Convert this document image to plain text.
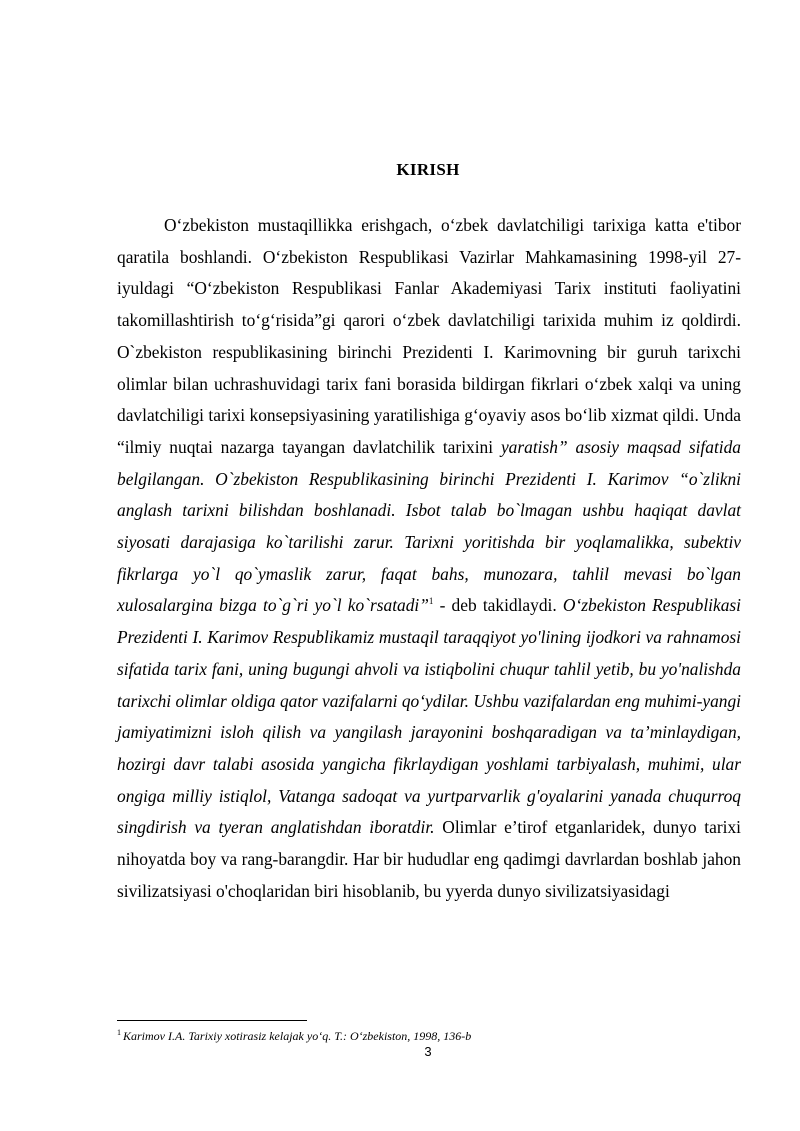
KIRISH

O‘zbekiston mustaqillikka erishgach, o‘zbek davlatchiligi tarixiga katta e'tibor qaratila boshlandi. O‘zbekiston Respublikasi Vazirlar Mahkamasining 1998-yil 27-iyuldagi “O‘zbekiston Respublikasi Fanlar Akademiyasi Tarix instituti faoliyatini takomillashtirish to‘g‘risida”gi qarori o‘zbek davlatchiligi tarixida muhim iz qoldirdi. O`zbekiston respublikasining birinchi Prezidenti I. Karimovning bir guruh tarixchi olimlar bilan uchrashuvidagi tarix fani borasida bildirgan fikrlari o‘zbek xalqi va uning davlatchiligi tarixi konsepsiyasining yaratilishiga g‘oyaviy asos bo‘lib xizmat qildi. Unda “ilmiy nuqtai nazarga tayangan davlatchilik tarixini yaratish” asosiy maqsad sifatida belgilangan. O`zbekiston Respublikasining birinchi Prezidenti I. Karimov “o`zlikni anglash tarixni bilishdan boshlanadi. Isbot talab bo`lmagan ushbu haqiqat davlat siyosati darajasiga ko`tarilishi zarur. Tarixni yoritishda bir yoqlamalikka, subektiv fikrlarga yo`l qo`ymaslik zarur, faqat bahs, munozara, tahlil mevasi bo`lgan xulosalargina bizga to`g`ri yo`l ko`rsatadi”$^1$ - deb takidlaydi. O‘zbekiston Respublikasi Prezidenti I. Karimov Respublikamiz mustaqil taraqqiyot yo'lining ijodkori va rahnamosi sifatida tarix fani, uning bugungi ahvoli va istiqbolini chuqur tahlil yetib, bu yo'nalishda tarixchi olimlar oldiga qator vazifalarni qo‘ydilar. Ushbu vazifalardan eng muhimi-yangi jamiyatimizni isloh qilish va yangilash jarayonini boshqaradigan va ta’minlaydigan, hozirgi davr talabi asosida yangicha fikrlaydigan yoshlami tarbiyalash, muhimi, ular ongiga milliy istiqlol, Vatanga sadoqat va yurtparvarlik g'oyalarini yanada chuqurroq singdirish va tyeran anglatishdan iboratdir. Olimlar e’tirof etganlaridek, dunyo tarixi nihoyatda boy va rang-barangdir. Har bir hududlar eng qadimgi davrlardan boshlab jahon sivilizatsiyasi o'choqlaridan biri hisoblanib, bu yyerda dunyo sivilizatsiyasidagi

$^1$ Karimov I.A. Tarixiy xotirasiz kelajak yo‘q. T.: O‘zbekiston, 1998, 136-b
3
